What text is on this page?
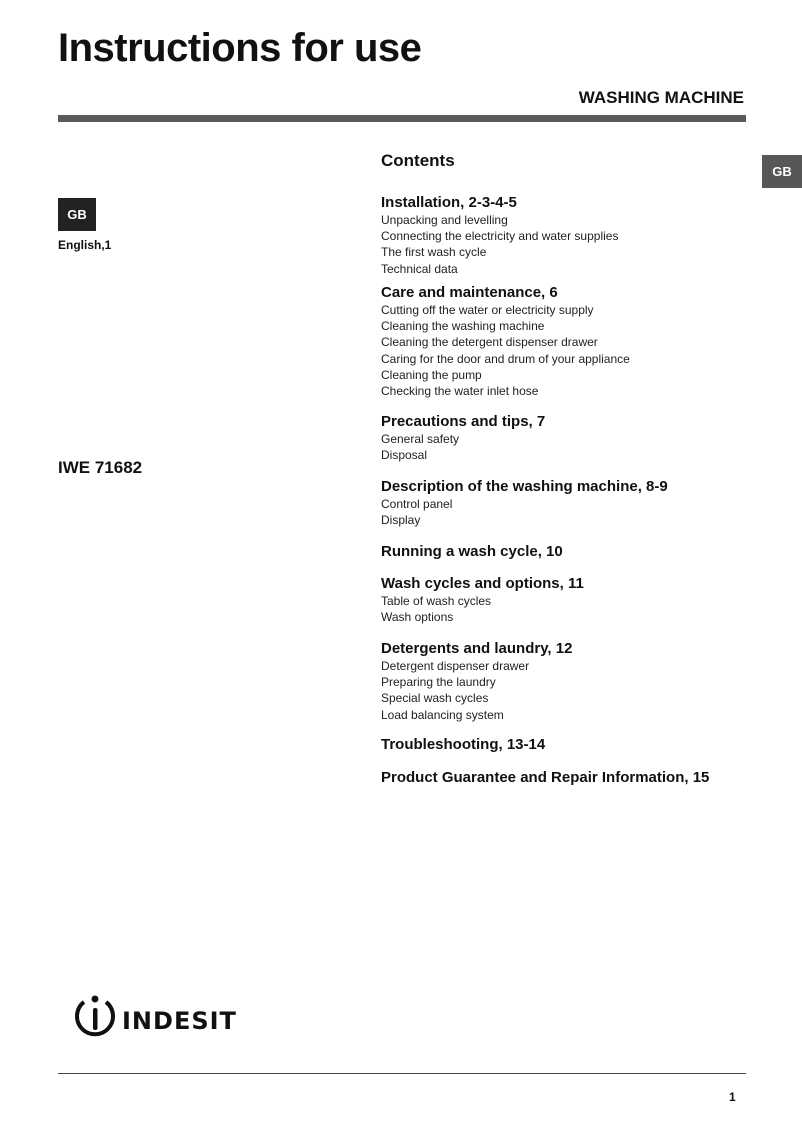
Instructions for use
WASHING MACHINE
GB
GB
English,1
IWE 71682
Contents
Installation, 2-3-4-5
Unpacking and levelling
Connecting the electricity and water supplies
The first wash cycle
Technical data
Care and maintenance, 6
Cutting off the water or electricity supply
Cleaning the washing machine
Cleaning the detergent dispenser drawer
Caring for the door and drum of your appliance
Cleaning the pump
Checking the water inlet hose
Precautions and tips, 7
General safety
Disposal
Description of the washing machine, 8-9
Control panel
Display
Running a wash cycle, 10
Wash cycles and options, 11
Table of wash cycles
Wash options
Detergents and laundry, 12
Detergent dispenser drawer
Preparing the laundry
Special wash cycles
Load balancing system
Troubleshooting, 13-14
Product Guarantee and Repair Information, 15
INDESIT
1
